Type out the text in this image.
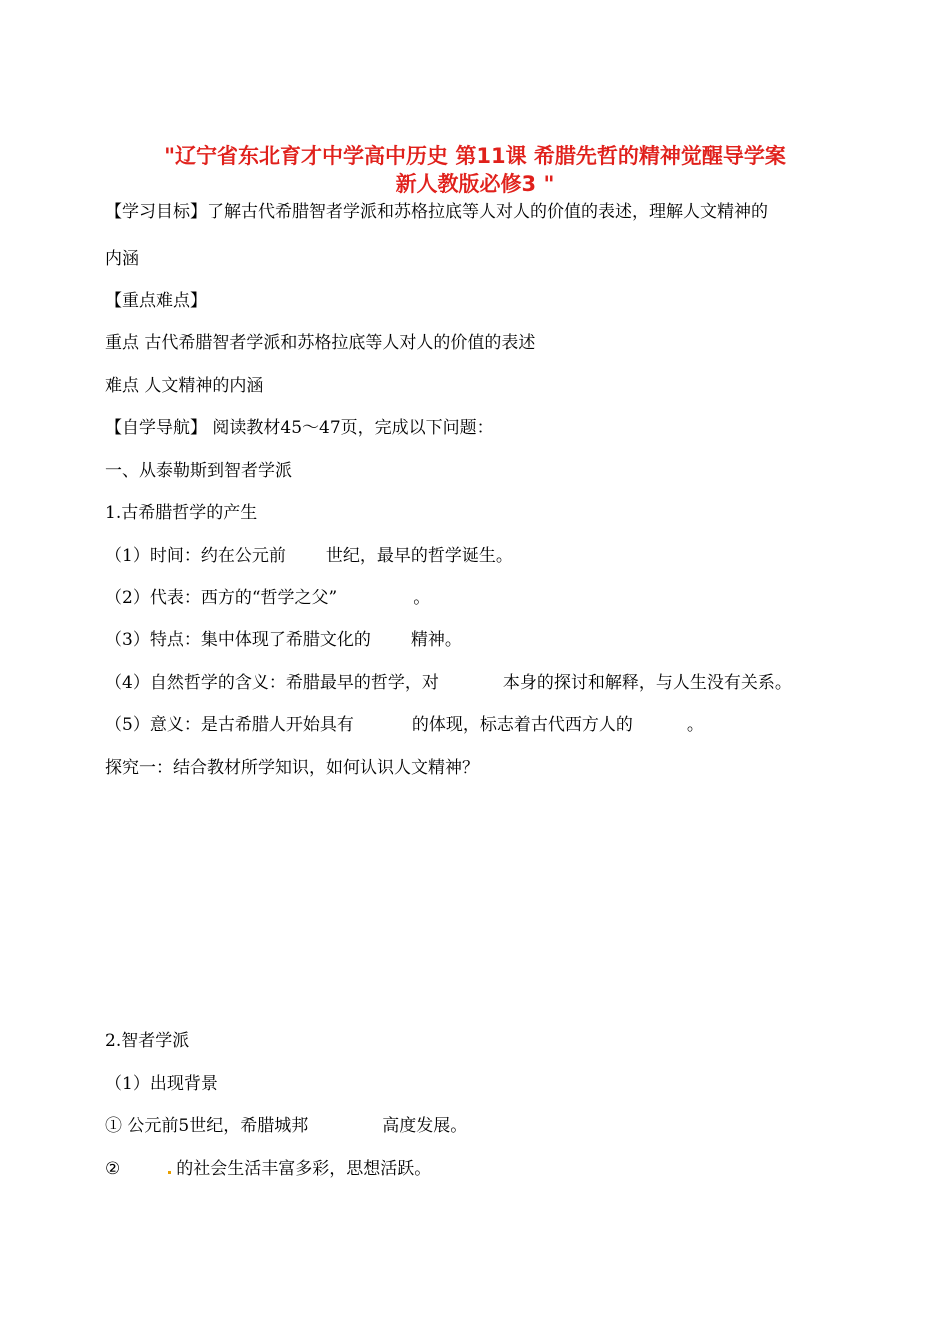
"辽宁省东北育才中学高中历史 第11课 希腊先哲的精神觉醒导学案
新人教版必修3 "
【学习目标】了解古代希腊智者学派和苏格拉底等人对人的价值的表述，理解人文精神的
内涵
【重点难点】
重点 古代希腊智者学派和苏格拉底等人对人的价值的表述
难点 人文精神的内涵
【自学导航】 阅读教材45～47页，完成以下问题：
一、从泰勒斯到智者学派
1.古希腊哲学的产生
（1）时间：约在公元前 世纪，最早的哲学诞生。
（2）代表：西方的“哲学之父”	。
（3）特点：集中体现了希腊文化的 精神。
（4）自然哲学的含义：希腊最早的哲学，对	本身的探讨和解释，与人生没有关系。
（5）意义：是古希腊人开始具有	的体现，标志着古代西方人的	。
探究一：结合教材所学知识，如何认识人文精神？
2.智者学派
（1）出现背景
① 公元前5世纪，希腊城邦	高度发展。
②	的社会生活丰富多彩，思想活跃。
